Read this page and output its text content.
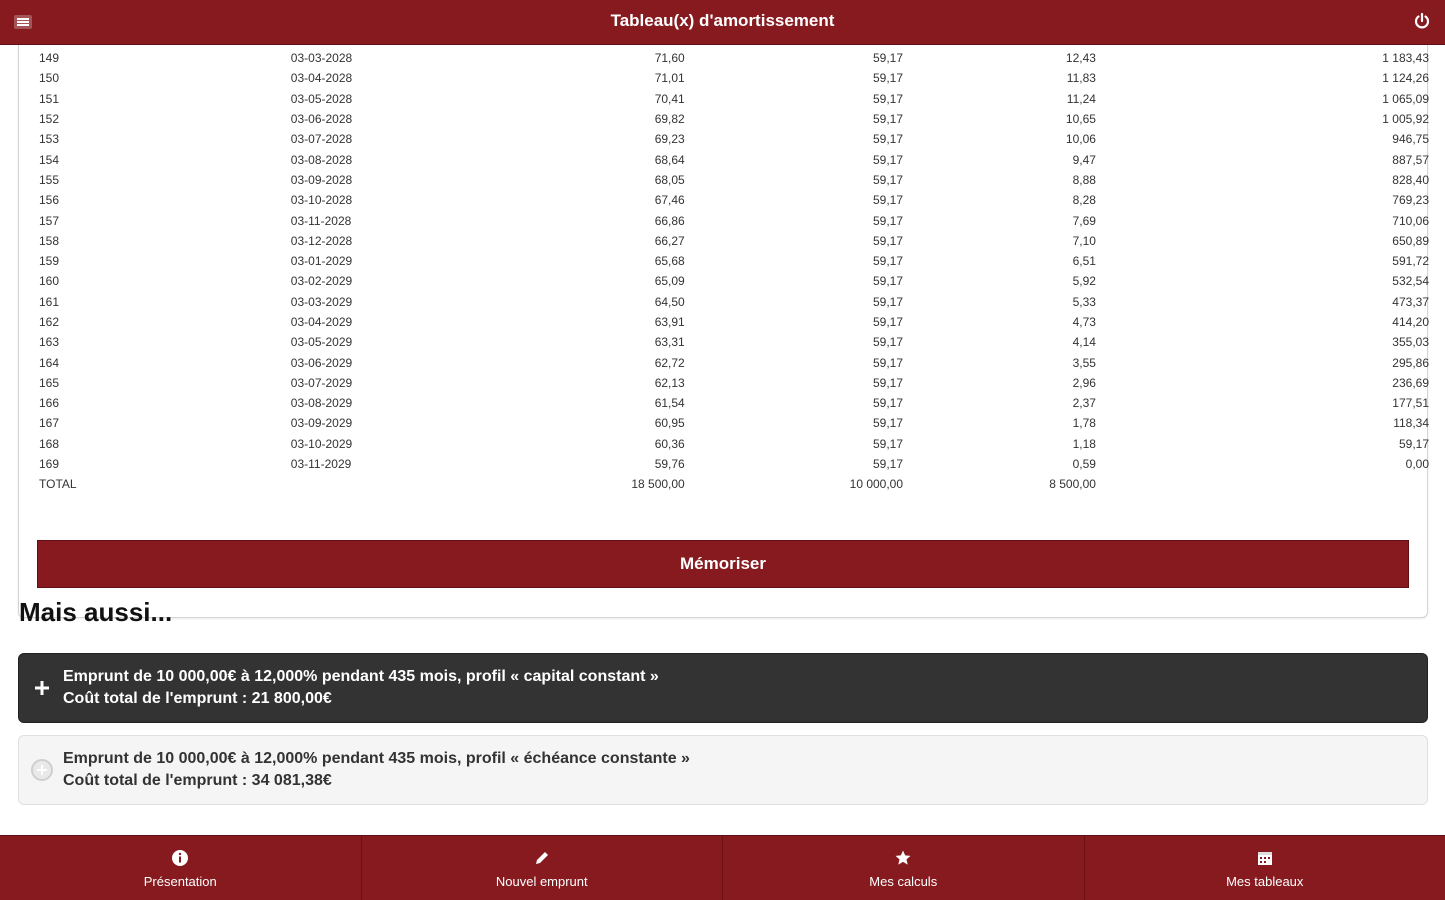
Tableau(x) d'amortissement
149	03-03-2028	71,60	59,17	12,43	1 183,43
150	03-04-2028	71,01	59,17	11,83	1 124,26
151	03-05-2028	70,41	59,17	11,24	1 065,09
152	03-06-2028	69,82	59,17	10,65	1 005,92
153	03-07-2028	69,23	59,17	10,06	946,75
154	03-08-2028	68,64	59,17	9,47	887,57
155	03-09-2028	68,05	59,17	8,88	828,40
156	03-10-2028	67,46	59,17	8,28	769,23
157	03-11-2028	66,86	59,17	7,69	710,06
158	03-12-2028	66,27	59,17	7,10	650,89
159	03-01-2029	65,68	59,17	6,51	591,72
160	03-02-2029	65,09	59,17	5,92	532,54
161	03-03-2029	64,50	59,17	5,33	473,37
162	03-04-2029	63,91	59,17	4,73	414,20
163	03-05-2029	63,31	59,17	4,14	355,03
164	03-06-2029	62,72	59,17	3,55	295,86
165	03-07-2029	62,13	59,17	2,96	236,69
166	03-08-2029	61,54	59,17	2,37	177,51
167	03-09-2029	60,95	59,17	1,78	118,34
168	03-10-2029	60,36	59,17	1,18	59,17
169	03-11-2029	59,76	59,17	0,59	0,00
TOTAL		18 500,00	10 000,00	8 500,00	
Mémoriser
Mais aussi...
Emprunt de 10 000,00€ à 12,000% pendant 435 mois, profil « capital constant »
Coût total de l'emprunt : 21 800,00€
Emprunt de 10 000,00€ à 12,000% pendant 435 mois, profil « échéance constante »
Coût total de l'emprunt : 34 081,38€
Présentation	Nouvel emprunt	Mes calculs	Mes tableaux
